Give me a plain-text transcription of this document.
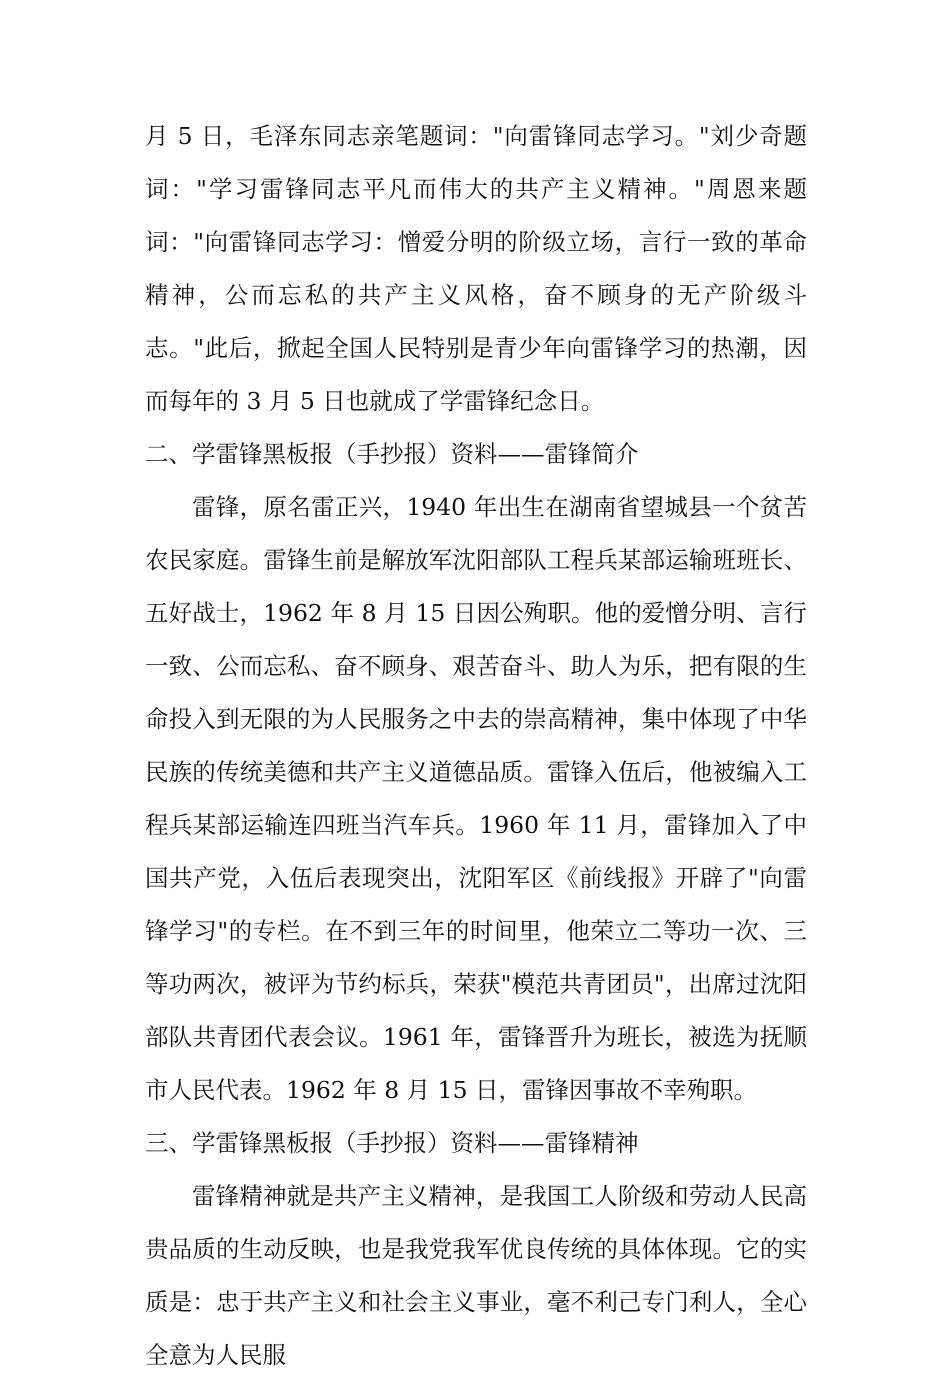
月 5 日，毛泽东同志亲笔题词："向雷锋同志学习。"刘少奇题词："学习雷锋同志平凡而伟大的共产主义精神。"周恩来题词："向雷锋同志学习：憎爱分明的阶级立场，言行一致的革命精神，公而忘私的共产主义风格，奋不顾身的无产阶级斗志。"此后，掀起全国人民特别是青少年向雷锋学习的热潮，因而每年的 3 月 5 日也就成了学雷锋纪念日。

二、学雷锋黑板报（手抄报）资料——雷锋简介

雷锋，原名雷正兴，1940 年出生在湖南省望城县一个贫苦农民家庭。雷锋生前是解放军沈阳部队工程兵某部运输班班长、五好战士，1962 年 8 月 15 日因公殉职。他的爱憎分明、言行一致、公而忘私、奋不顾身、艰苦奋斗、助人为乐，把有限的生命投入到无限的为人民服务之中去的崇高精神，集中体现了中华民族的传统美德和共产主义道德品质。雷锋入伍后，他被编入工程兵某部运输连四班当汽车兵。1960 年 11 月，雷锋加入了中国共产党，入伍后表现突出，沈阳军区《前线报》开辟了"向雷锋学习"的专栏。在不到三年的时间里，他荣立二等功一次、三等功两次，被评为节约标兵，荣获"模范共青团员"，出席过沈阳部队共青团代表会议。1961 年，雷锋晋升为班长，被选为抚顺市人民代表。1962 年 8 月 15 日，雷锋因事故不幸殉职。

三、学雷锋黑板报（手抄报）资料——雷锋精神

雷锋精神就是共产主义精神，是我国工人阶级和劳动人民高贵品质的生动反映，也是我党我军优良传统的具体体现。它的实质是：忠于共产主义和社会主义事业，毫不利己专门利人，全心全意为人民服
